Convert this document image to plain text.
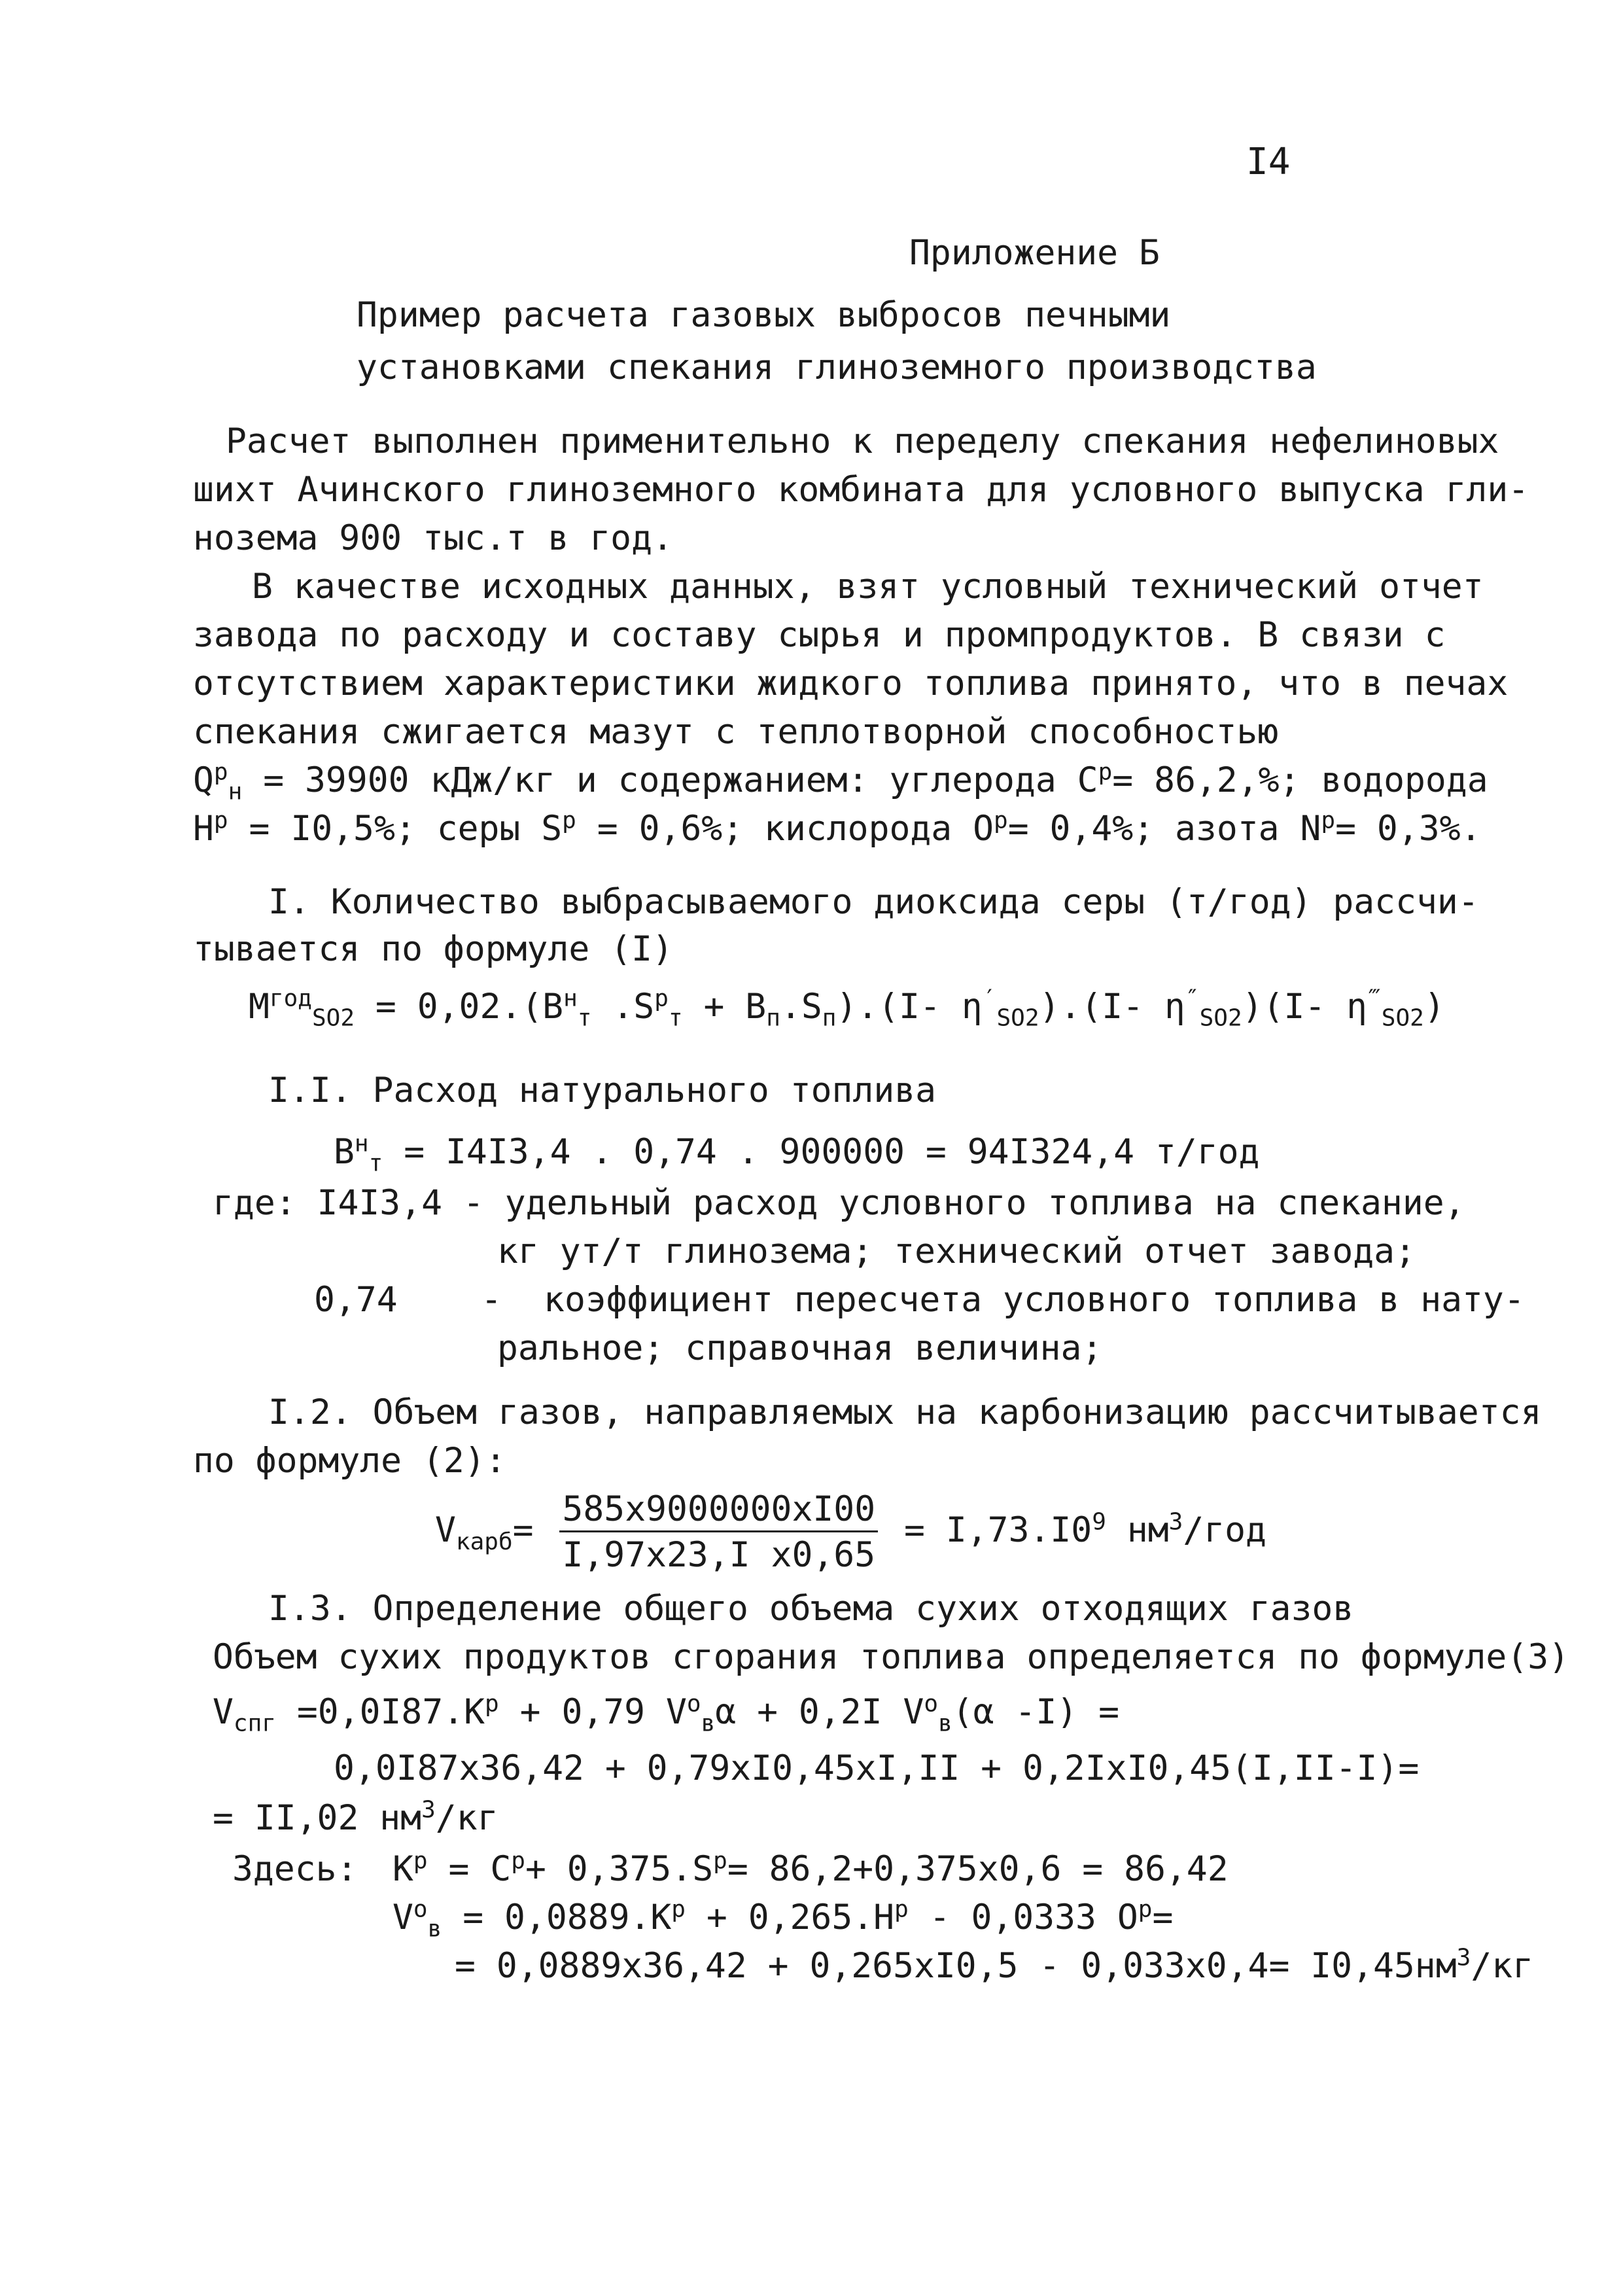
I4
Приложение Б
Пример расчета газовых выбросов печными
установками спекания глиноземного производства
Расчет выполнен применительно к переделу спекания нефелиновых
шихт Ачинского глиноземного комбината для условного выпуска гли-
нозема 900 тыс.т в год.
В качестве исходных данных, взят условный технический отчет
завода по расходу и составу сырья и промпродуктов. В связи с
отсутствием характеристики жидкого топлива принято, что в печах
спекания сжигается мазут с теплотворной способностью
$Q^р_н = 39900$ кДж/кг и содержанием: углерода $C^р= 86,2,\%$; водорода
$H^р = I0,5\%$; серы $S^р = 0,6\%$; кислорода $O^р= 0,4\%$; азота $N^р= 0,3\%$.
I. Количество выбрасываемого диоксида серы (т/год) рассчи-
тывается по формуле (I)
$M^{год}_{SO2} = 0,02.(B^н_т$ $.S^р_т + B_п.S_п).(I-$ $\eta'_{SO2}).(I-$ $\eta''_{SO2})(I-$ $\eta^‴_{SO2}$)
I.I. Расход натурального топлива
$B^н_т = I4I3,4$ . 0,74 . 900000 = 94I324,4 т/год
где: I4I3,4 - удельный расход условного топлива на спекание,
кг ут/т глинозема; технический отчет завода;
0,74 - коэффициент пересчета условного топлива в нату-
ральное; справочная величина;
I.2. Объем газов, направляемых на карбонизацию рассчитывается
по формуле (2):
$V_{карб}= \frac{585x9000000xI00}{\text{I,97x23,I x0,65}} = I,73.I0^9$ $нм^3$/год
I.3. Определение общего объема сухих отходящих газов
Объем сухих продуктов сгорания топлива определяется по формуле(3)
$V_{спг} =0,0I87.K^р + 0,79$ $V^о_в\alpha + 0,2I$ $V^о_в(\alpha$ -I) =
0,0I87x36,42 + 0,79xI0,45xI,II + 0,2IxI0,45(I,II-I)=
= II,02 $нм^3/кг$
Здесь: $K^р = C^р+ 0,375.S^р= 86,2+0,375x0,6 = 86,42$
$V^о_в = 0,0889.K^р + 0,265.H^р - 0,0333$ $O^р=$
= $0,0889x36,42 + 0,265xI0,5 - 0,033x0,4= I0,45нм^3/кг$
